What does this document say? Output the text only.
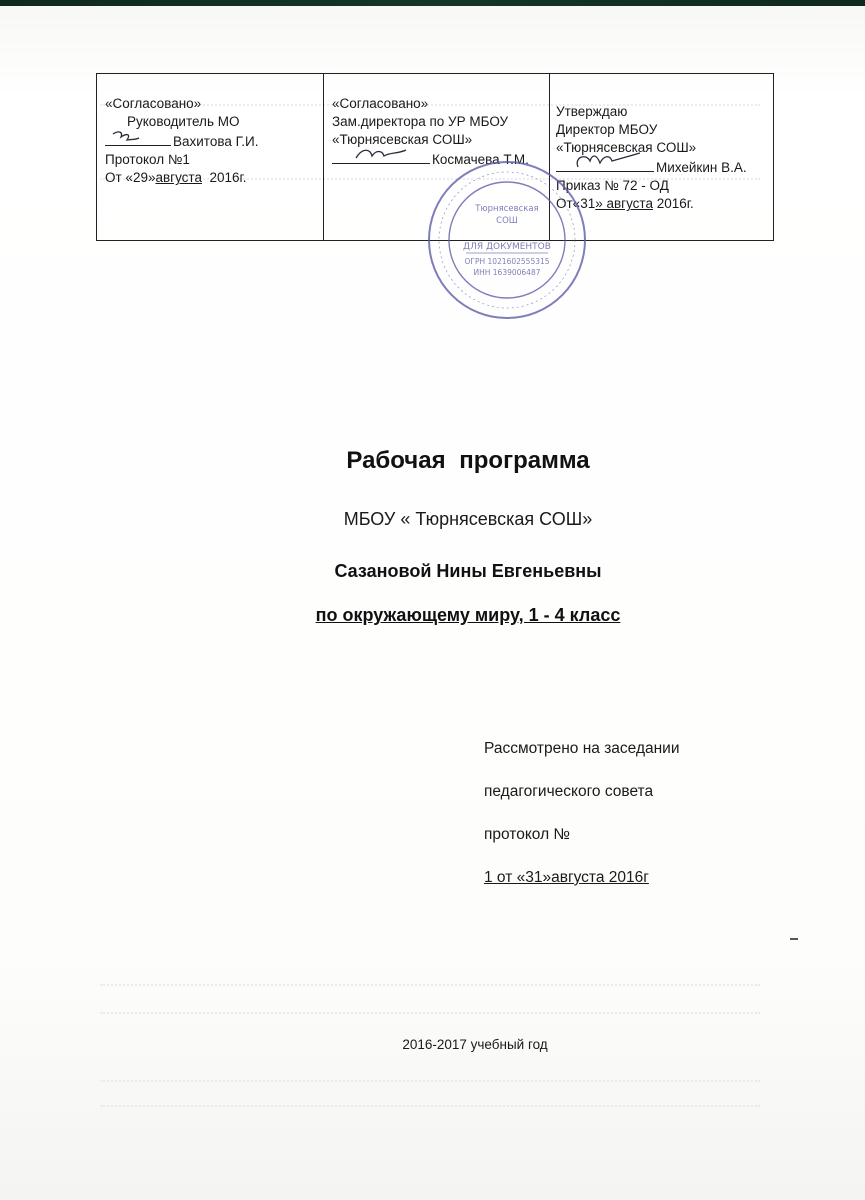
«Согласовано»
Руководитель МО
Вахитова Г.И.
Протокол №1
От «29»августа 2016г.
«Согласовано»
Зам.директора по УР МБОУ
«Тюрнясевская СОШ»
Космачева Т.М.
Утверждаю
Директор МБОУ
«Тюрнясевская СОШ»
Михейкин В.А.
Приказ № 72 - ОД
От«31» августа 2016г.
Тюрнясевская
СОШ
ДЛЯ ДОКУМЕНТОВ
ОГРН 1021602555315
ИНН 1639006487
Рабочая программа
МБОУ « Тюрнясевская СОШ»
Сазановой Нины Евгеньевны
по окружающему миру, 1 - 4 класс
Рассмотрено на заседании
педагогического совета
протокол №
1 от «31»августа 2016г
2016-2017 учебный год
